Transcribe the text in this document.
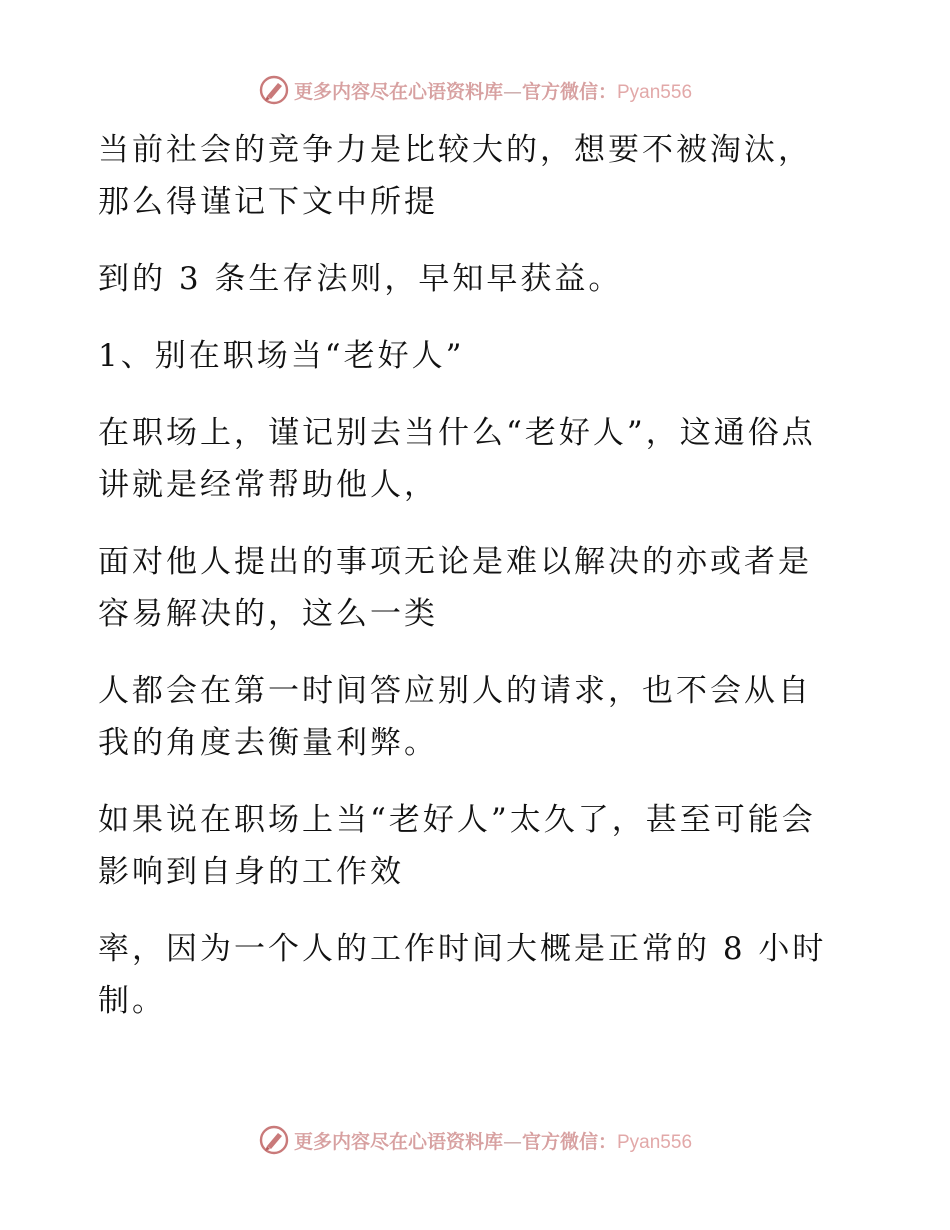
更多内容尽在心语资料库—官方微信：Pyan556

当前社会的竞争力是比较大的，想要不被淘汰，那么得谨记下文中所提

到的 3 条生存法则，早知早获益。

1、别在职场当“老好人”

在职场上，谨记别去当什么“老好人”，这通俗点讲就是经常帮助他人，

面对他人提出的事项无论是难以解决的亦或者是容易解决的，这么一类

人都会在第一时间答应别人的请求，也不会从自我的角度去衡量利弊。

如果说在职场上当“老好人”太久了，甚至可能会影响到自身的工作效

率，因为一个人的工作时间大概是正常的 8 小时制。

更多内容尽在心语资料库—官方微信：Pyan556
